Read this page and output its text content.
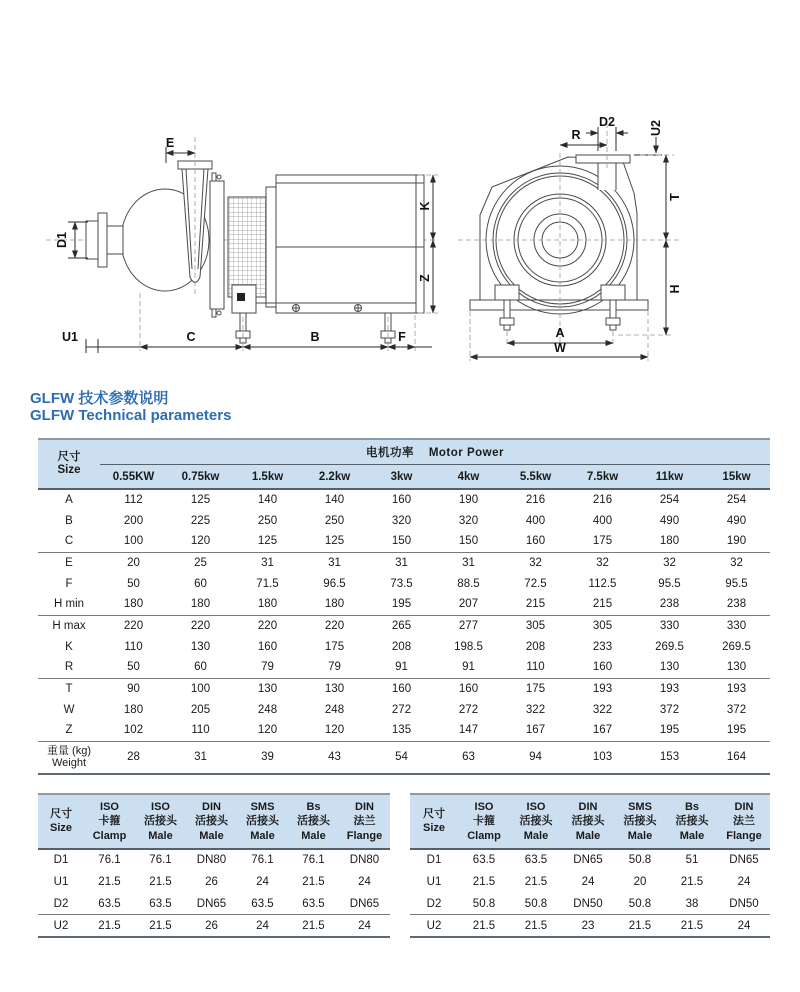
E
D1
K
Z
U1	C	B	F
D2
R	U2
T
H
A
W
GLFW 技术参数说明
GLFW Technical parameters
尺寸
Size	电机功率 Motor Power									
	0.55KW	0.75kw	1.5kw	2.2kw	3kw	4kw	5.5kw	7.5kw	11kw	15kw
A	112	125	140	140	160	190	216	216	254	254
B	200	225	250	250	320	320	400	400	490	490
C	100	120	125	125	150	150	160	175	180	190
E	20	25	31	31	31	31	32	32	32	32
F	50	60	71.5	96.5	73.5	88.5	72.5	112.5	95.5	95.5
H min	180	180	180	180	195	207	215	215	238	238
H max	220	220	220	220	265	277	305	305	330	330
K	110	130	160	175	208	198.5	208	233	269.5	269.5
R	50	60	79	79	91	91	110	160	130	130
T	90	100	130	130	160	160	175	193	193	193
W	180	205	248	248	272	272	322	322	372	372
Z	102	110	120	120	135	147	167	167	195	195

重量 (kg)
Weight	28	31	39	43	54	63	94	103	153	164
尺寸
Size

ISO
卡箍
Clamp

ISO
活接头
Male

DIN
活接头
Male

SMS
活接头
Male

Bs
活接头
Male

DIN
法兰
Flange

D1	76.1	76.1	DN80	76.1	76.1	DN80
U1	21.5	21.5	26	24	21.5	24
D2	63.5	63.5	DN65	63.5	63.5	DN65
U2	21.5	21.5	26	24	21.5	24
尺寸
Size

ISO
卡箍
Clamp

ISO
活接头
Male

DIN
活接头
Male

SMS
活接头
Male

Bs
活接头
Male

DIN
法兰
Flange

D1	63.5	63.5	DN65	50.8	51	DN65
U1	21.5	21.5	24	20	21.5	24
D2	50.8	50.8	DN50	50.8	38	DN50
U2	21.5	21.5	23	21.5	21.5	24
